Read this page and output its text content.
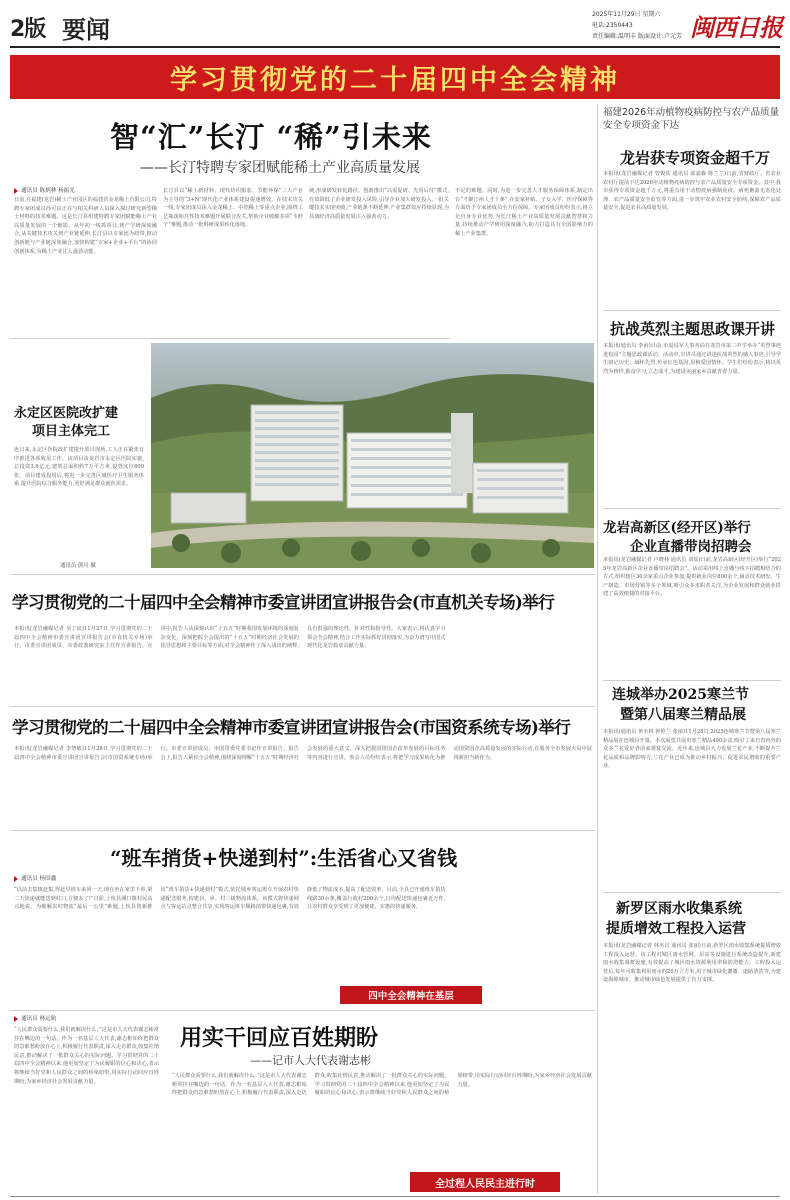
2版 要闻
2025年11月29日 星期六
电话:2350443
责任编辑:温明丰 版面设计:卢元芳 闽西日报
学习贯彻党的二十届四中全会精神
智“汇”长汀 “稀”引未来
——长汀特聘专家团赋能稀土产业高质量发展
通讯员 陈炳林 杨振光
日前,在福建(龙岩)稀土产业园区的福建省金龙稀土有限公司,特聘专家团成员孙可良正在与相关科研人员深入探讨研究新型稀土材料的技术难题。这是长汀县组建特聘专家团赋能稀土产业高质量发展的一个缩影。从年初一线抓项目,到产学研深度融合,从关键技术攻关到产业链延伸,长汀县以专家团为纽带,推动创新链与产业链深度融合,加快构建“专家+企业+平台”的协同创新体系,为稀土产业注入强劲动能。
长汀县以“稀土新材料、现代纺织服装、节能环保”三大产业为主导的“3+N”现代化产业体系建设提速增效。在技术攻关一线,专家团成员深入金龙稀土、中铝稀土等重点企业,围绕工艺瓶颈和共性技术难题开展联合攻关,帮助企业破解多项“卡脖子”难题,推动一批科研成果转化落地。
统,形成研发转化路径。创新推出“以需促研、先用后付”模式,有效降低了企业研发投入风险,引导企业加大研发投入,一批关键技术实现突破,产业链条不断延伸,产业集群效应持续显现,为县域经济高质量发展注入强劲动力。
不足的难题。同时,为进一步完善人才服务保障体系,制定出台“才聚汀州人才十条”,在安家补贴、子女入学、医疗保障等方面给予专家团成员全方位保障。专家团成员纷纷表示,将立足自身专业优势,为长汀稀土产业高质量发展贡献智慧和力量,持续推动产学研用深度融合,助力打造具有全国影响力的稀土产业集群。
永定区医院改扩建
项目主体完工
连日来,永定区医院改扩建提升项目现场,工人正在紧张有序推进各项收尾工作。该项目由龙岩市永定区医院实施,总投资3.6亿元,建筑总面积约7万平方米,设置床位600张。项目建成投用后,将进一步完善区域医疗卫生服务体系,提升医院综合服务能力,更好满足群众就医需求。
通讯员 熊川 摄
学习贯彻党的二十届四中全会精神市委宣讲团宣讲报告会(市直机关专场)举行
本报讯(龙岩融媒记者 吴丁宸)11月27日,学习贯彻党的二十届四中全会精神市委宣讲团宣讲报告会(市直机关专场)举行。市委宣讲团成员、市委政策研究室主任作宣讲报告。宣讲中,报告人从深刻认识“十五五”时期我国发展环境的深刻复杂变化、深刻把握全会提出的“十五五”时期经济社会发展的指导思想和主要目标等方面,对全会精神作了深入浅出的阐释,具有很强的理论性、针对性和指导性。大家表示,将认真学习领会全会精神,结合工作实际抓好贯彻落实,为奋力谱写中国式现代化龙岩篇章贡献力量。
学习贯彻党的二十届四中全会精神市委宣讲团宣讲报告会(市国资系统专场)举行
本报讯(龙岩融媒记者 李慧敏)11月28日,学习贯彻党的二十届四中全会精神市委宣讲团宣讲报告会(市国资系统专场)举行。市委宣讲团成员、市国资委党委书记作宣讲报告。报告会上,报告人紧扣全会精神,围绕深刻理解“十五五”时期经济社会发展的重大意义、深入把握国资国企改革发展的目标任务等内容进行宣讲。参会人员纷纷表示,将把学习成果转化为推动国资国企高质量发展的实际行动,在服务全市发展大局中展现新担当新作为。
“班车捎货+快递到村”:生活省心又省钱
通讯员 杨国鑫
“以前去集镇赶集,得赶早班车来回一天,现在坐在家里下单,第二天快递就能送到村口,方便多了!”日前,上杭县溪口镇村民高兴地说。为破解农村物流“最后一公里”难题,上杭县创新推出“班车捎货+快递到村”模式,依托城乡客运班车开展农村快递配送服务,构建县、乡、村三级物流体系。该模式将快递网点与客运站点整合共享,实现客运班车顺路捎带快递包裹,有效降低了物流成本,提高了配送效率。目前,全县已开通班车捎货线路30余条,覆盖行政村200余个,日均配送快递包裹近万件,让农村群众享受到了更加便捷、实惠的快递服务。
四中全会精神在基层
用实干回应百姓期盼
——记市人大代表谢志彬
通讯员 林远航
“人民群众需要什么,我们就解决什么。”这是市人大代表谢志彬常挂在嘴边的一句话。作为一名基层人大代表,谢志彬始终把群众的急难愁盼放在心上,积极履行代表职责,深入走访群众,收集社情民意,推动解决了一批群众关心的实际问题。学习贯彻党的二十届四中全会精神以来,他更加坚定了为民履职的信心和决心,表示将继续当好党和人民群众之间的桥梁纽带,用实际行动回应百姓期盼,为家乡经济社会发展贡献力量。
“人民群众需要什么,我们就解决什么。”这是市人大代表谢志彬常挂在嘴边的一句话。作为一名基层人大代表,谢志彬始终把群众的急难愁盼放在心上,积极履行代表职责,深入走访群众,收集社情民意,推动解决了一批群众关心的实际问题。学习贯彻党的二十届四中全会精神以来,他更加坚定了为民履职的信心和决心,表示将继续当好党和人民群众之间的桥梁纽带,用实际行动回应百姓期盼,为家乡经济社会发展贡献力量。
全过程人民民主进行时
福建2026年动植物疫病防控与农产品质量安全专项资金下达
龙岩获专项资金超千万
本报讯(龙岩融媒记者 曾俊钦 通讯员 邱嘉森 陈兰兰)日前,省财政厅、省农业农村厅提前下达2026年动植物疫病防控与农产品质量安全专项资金。其中,我市获得专项资金超千万元,将重点用于动物疫病强制免疫、病死畜禽无害化处理、农产品质量安全监管等方面,进一步筑牢农业农村安全防线,保障农产品质量安全,促进农业高质量发展。
抗战英烈主题思政课开讲
本报讯(通讯员 李俞)日前,市退役军人事务局在龙岩市第二中学举办“英烈事迹进校园”主题思政课活动。活动中,宣讲员通过讲述抗战英烈的感人事迹,引导学生铭记历史、缅怀先烈,传承红色基因,厚植爱国情怀。学生们纷纷表示,将以英烈为榜样,勤奋学习,立志成才,为建设美丽家乡贡献青春力量。
龙岩高新区(经开区)举行
企业直播带岗招聘会
本报讯(龙岩融媒记者 卢晓林 通讯员 刘瑶)日前,龙岩高新区(经开区)举行“2025年龙岩高新区企业直播带岗招聘会”。活动采用线上直播与线下招聘相结合的方式,组织辖区30余家重点企业参加,提供就业岗位800余个,涵盖技术研发、生产制造、市场营销等多个领域,吸引众多求职者关注,为企业发展和群众就业搭建了高效便捷的对接平台。
连城举办2025寒兰节
暨第八届寒兰精品展
本报讯(通讯员 黄水林 钟艳兰 张丽)11月28日,2025连城寒兰节暨第八届寒兰精品展在连城县开幕。本次展览共展出寒兰精品400余盆,吸引了来自省内外的众多兰花爱好者前来观赏交流。近年来,连城县大力发展兰花产业,不断提升兰花品质和品牌影响力,兰花产业已成为推动乡村振兴、促进农民增收的重要产业。
新罗区雨水收集系统
提质增效工程投入运营
本报讯(龙岩融媒记者 林巫昌 通讯员 张丽)日前,新罗区雨水收集系统提质增效工程投入运营。该工程对城区雨水管网、泵站等设施进行系统改造提升,新建雨水收集调蓄设施,有效提高了城区雨水资源利用率和防涝能力。工程投入运营后,每年可收集利用雨水约20万立方米,用于城市绿化灌溉、道路清洗等,为建设海绵城市、推动城市绿色发展提供了有力支撑。
